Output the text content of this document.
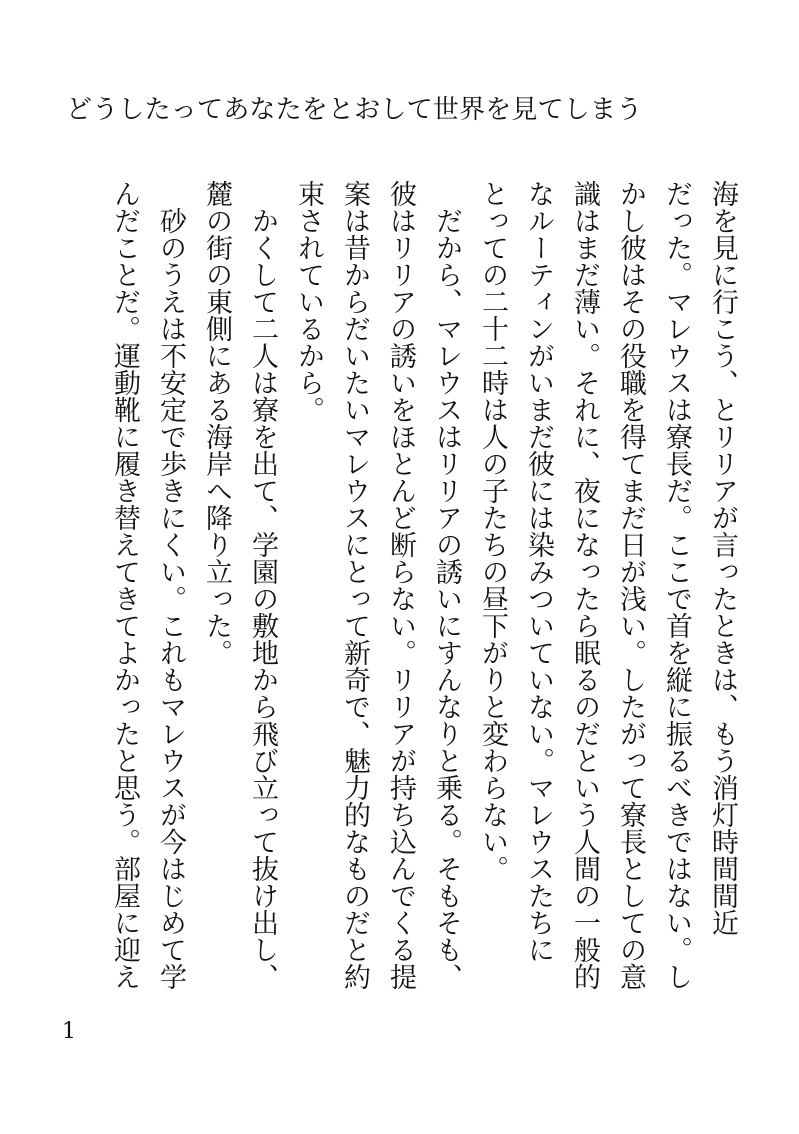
どうしたってあなたをとおして世界を見てしまう
海を見に行こう、とリリアが言ったときは、もう消灯時間間近
だった。マレウスは寮長だ。ここで首を縦に振るべきではない。し
かし彼はその役職を得てまだ日が浅い。したがって寮長としての意
識はまだ薄い。それに、夜になったら眠るのだという人間の一般的
なルーティンがいまだ彼には染みついていない。マレウスたちに
とっての二十二時は人の子たちの昼下がりと変わらない。
　だから、マレウスはリリアの誘いにすんなりと乗る。そもそも、
彼はリリアの誘いをほとんど断らない。リリアが持ち込んでくる提
案は昔からだいたいマレウスにとって新奇で、魅力的なものだと約
束されているから。
　かくして二人は寮を出て、学園の敷地から飛び立って抜け出し、
麓の街の東側にある海岸へ降り立った。
　砂のうえは不安定で歩きにくい。これもマレウスが今はじめて学
んだことだ。運動靴に履き替えてきてよかったと思う。部屋に迎え
1
